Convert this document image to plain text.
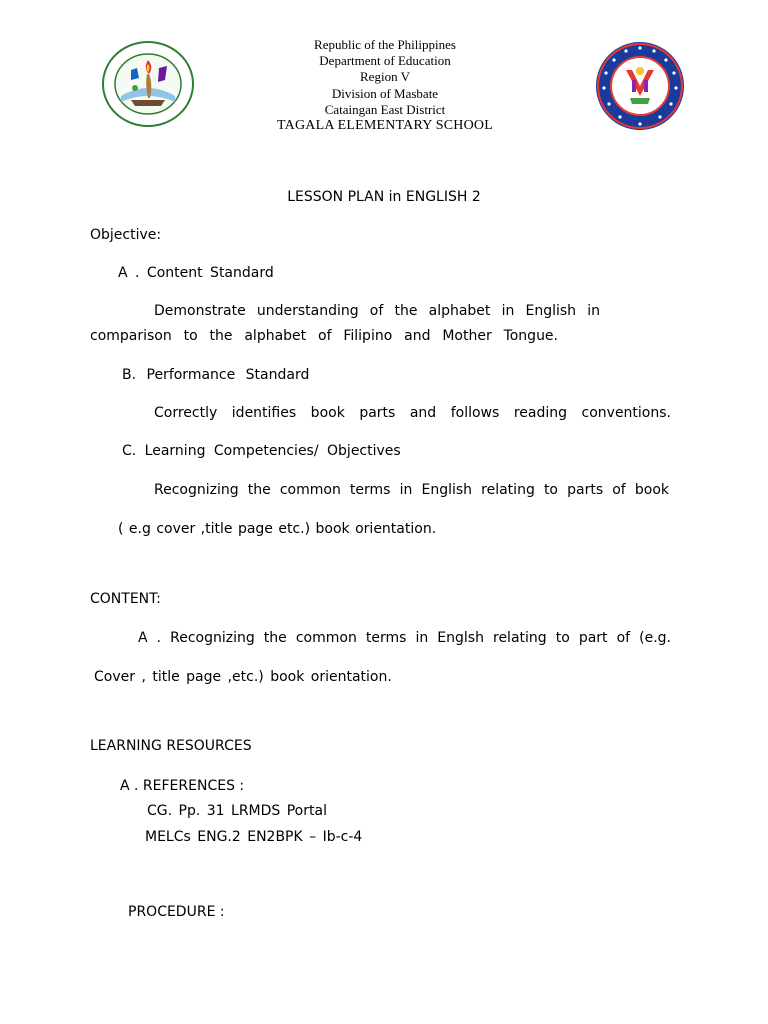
Republic of the Philippines
Department of Education
Region V
Division of Masbate
Cataingan East District
TAGALA ELEMENTARY SCHOOL
LESSON PLAN in ENGLISH 2
Objective:
A . Content Standard
Demonstrate understanding of the alphabet in English in
comparison to the alphabet of Filipino and Mother Tongue.
B. Performance Standard
Correctly identifies book parts and follows reading conventions.
C. Learning Competencies/ Objectives
Recognizing the common terms in English relating to parts of book
( e.g cover ,title page etc.) book orientation.
CONTENT:
A . Recognizing the common terms in Englsh relating to part of (e.g.
Cover , title page ,etc.) book orientation.
LEARNING RESOURCES
A . REFERENCES :
CG. Pp. 31 LRMDS Portal
MELCs ENG.2 EN2BPK – Ib-c-4
PROCEDURE :
